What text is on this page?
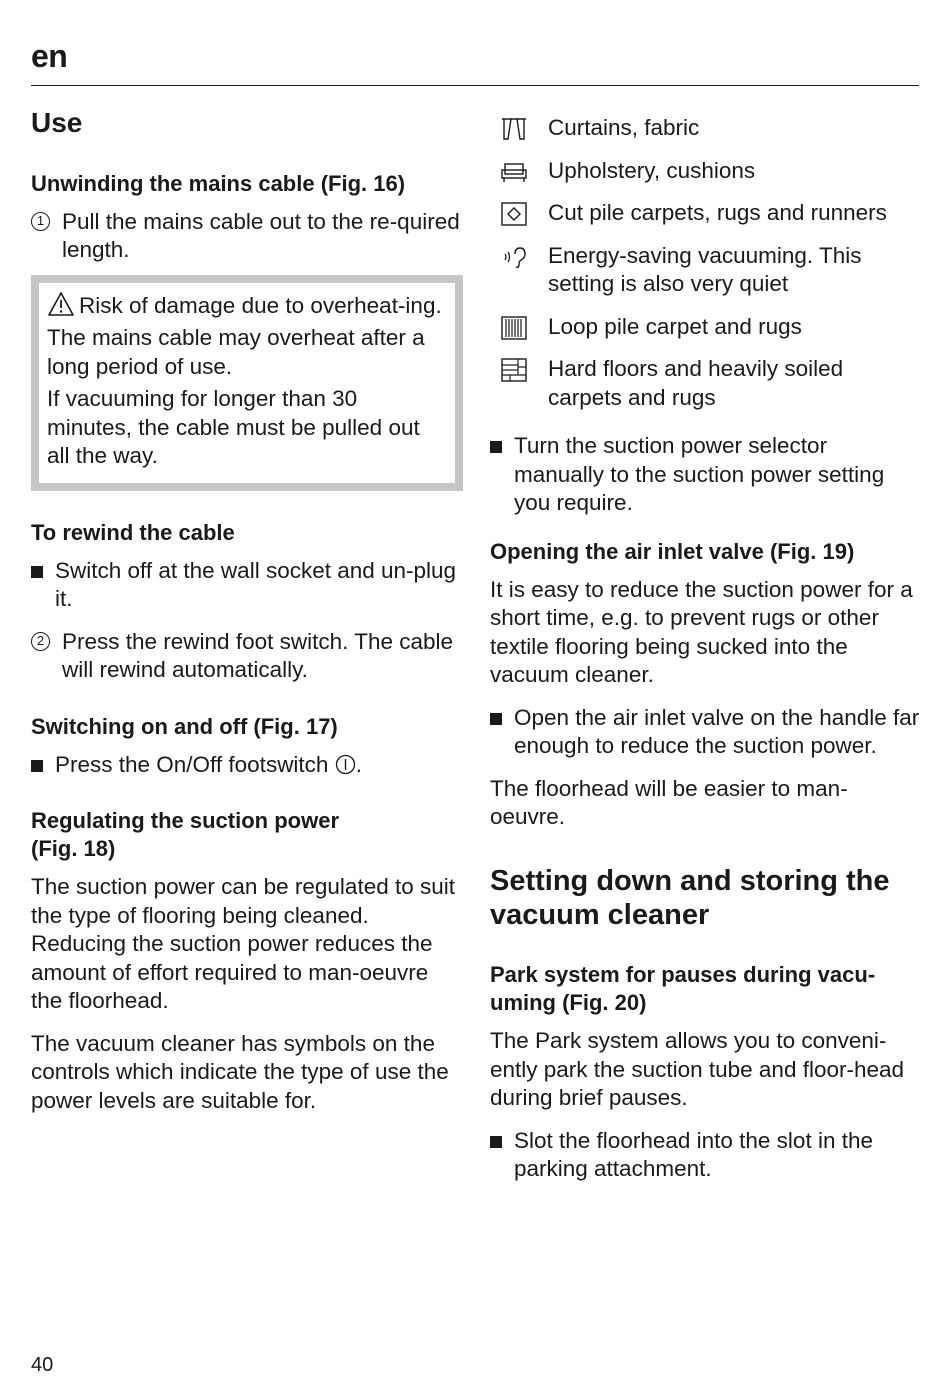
en
Use
Unwinding the mains cable (Fig. 16)
1 Pull the mains cable out to the re-quired length.

Risk of damage due to overheat-ing.

The mains cable may overheat after a long period of use.

If vacuuming for longer than 30 minutes, the cable must be pulled out all the way.

To rewind the cable
Switch off at the wall socket and un-plug it.
2 Press the rewind foot switch. The cable will rewind automatically.
Switching on and off (Fig. 17)
Press the On/Off footswitch .
Regulating the suction power
(Fig. 18)

The suction power can be regulated to suit the type of flooring being cleaned. Reducing the suction power reduces the amount of effort required to man-oeuvre the floorhead.

The vacuum cleaner has symbols on the controls which indicate the type of use the power levels are suitable for.

Curtains, fabric
Upholstery, cushions
Cut pile carpets, rugs and runners
Energy-saving vacuuming. This setting is also very quiet
Loop pile carpet and rugs
Hard floors and heavily soiled carpets and rugs
Turn the suction power selector manually to the suction power setting you require.
Opening the air inlet valve (Fig. 19)

It is easy to reduce the suction power for a short time, e.g. to prevent rugs or other textile flooring being sucked into the vacuum cleaner.

Open the air inlet valve on the handle far enough to reduce the suction power.

The floorhead will be easier to man-oeuvre.

Setting down and storing the vacuum cleaner
Park system for pauses during vacu-uming (Fig. 20)

The Park system allows you to conveni-ently park the suction tube and floor-head during brief pauses.

Slot the floorhead into the slot in the parking attachment.
40
